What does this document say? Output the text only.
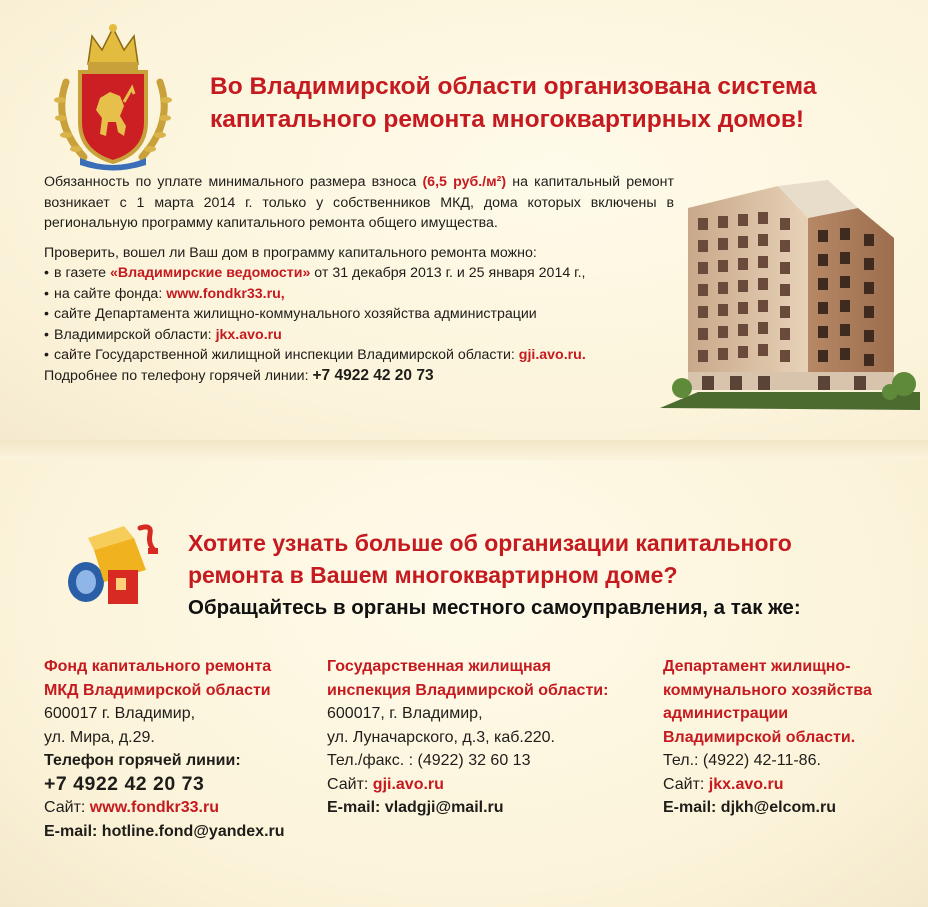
Во Владимирской области организована система
капитального ремонта многоквартирных домов!

Обязанность по уплате минимального размера взноса (6,5 руб./м²) на капитальный ремонт возникает с 1 марта 2014 г. только у собственников МКД, дома которых включены в региональную программу капитального ремонта общего имущества.

Проверить, вошел ли Ваш дом в программу капитального ремонта можно:

• в газете «Владимирские ведомости» от 31 декабря 2013 г. и 25 января 2014 г.,
• на сайте фонда: www.fondkr33.ru,
• сайте Департамента жилищно-коммунального хозяйства администрации
• Владимирской области: jkx.avo.ru
• сайте Государственной жилищной инспекции Владимирской области: gji.avo.ru.

Подробнее по телефону горячей линии: +7 4922 42 20 73

Хотите узнать больше об организации капитального
ремонта в Вашем многоквартирном доме?
Обращайтесь в органы местного самоуправления, а так же:
Фонд капитального ремонта
МКД Владимирской области
600017 г. Владимир,
ул. Мира, д.29.
Телефон горячей линии:
+7 4922 42 20 73
Сайт: www.fondkr33.ru
E-mail: hotline.fond@yandex.ru
Государственная жилищная
инспекция Владимирской области:
600017, г. Владимир,
ул. Луначарского, д.3, каб.220.
Тел./факс. : (4922) 32 60 13
Сайт: gji.avo.ru
E-mail: vladgji@mail.ru
Департамент жилищно-
коммунального хозяйства
администрации
Владимирской области.
Тел.: (4922) 42-11-86.
Сайт: jkx.avo.ru
E-mail: djkh@elcom.ru
